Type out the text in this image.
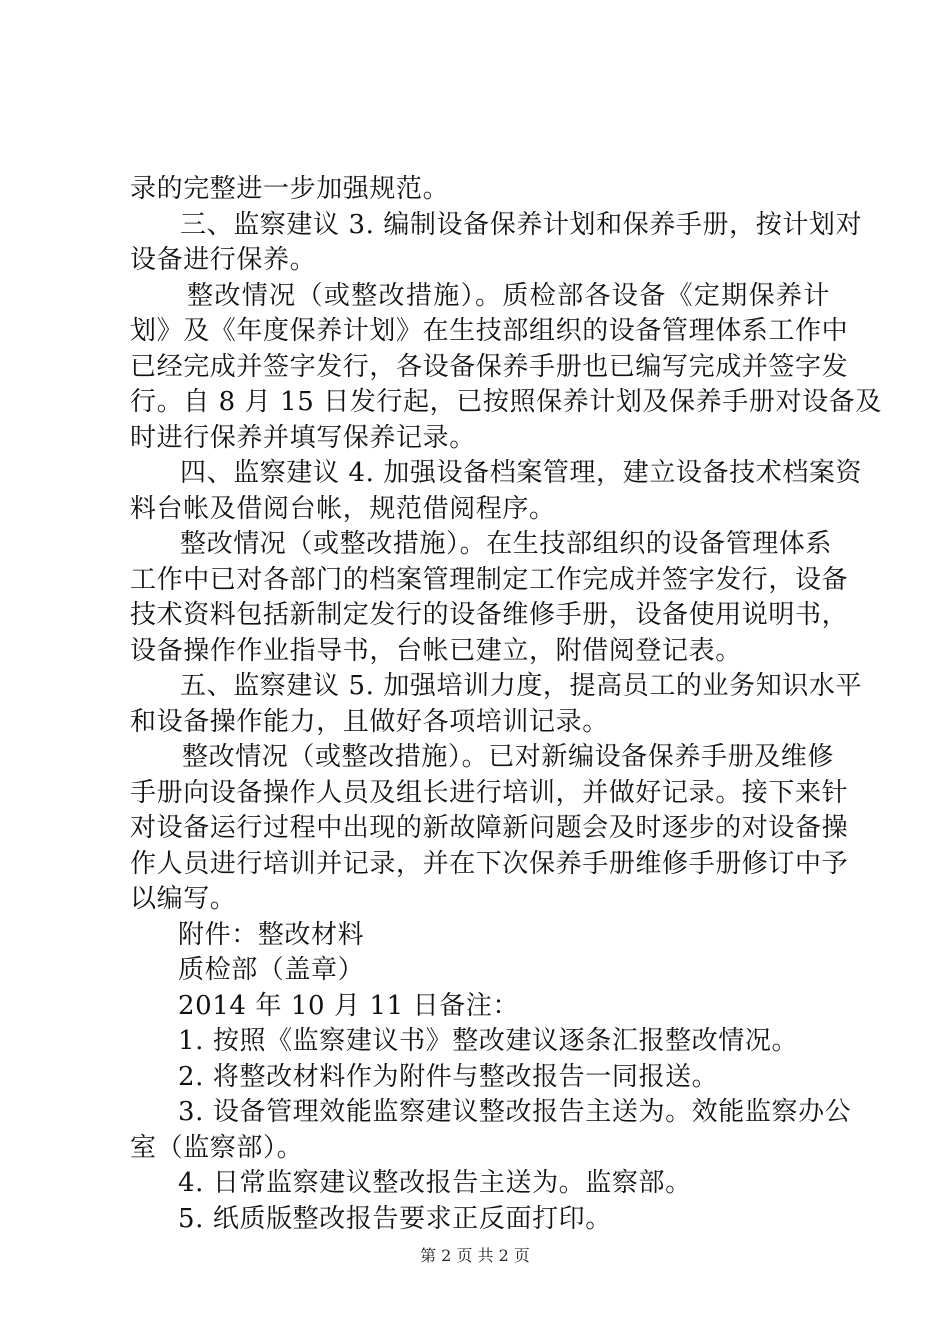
录的完整进一步加强规范。
三、监察建议 3. 编制设备保养计划和保养手册，按计划对
设备进行保养。
整改情况（或整改措施）。质检部各设备《定期保养计
划》及《年度保养计划》在生技部组织的设备管理体系工作中
已经完成并签字发行，各设备保养手册也已编写完成并签字发
行。自 8 月 15 日发行起，已按照保养计划及保养手册对设备及
时进行保养并填写保养记录。
四、监察建议 4. 加强设备档案管理，建立设备技术档案资
料台帐及借阅台帐，规范借阅程序。
整改情况（或整改措施）。在生技部组织的设备管理体系
工作中已对各部门的档案管理制定工作完成并签字发行，设备
技术资料包括新制定发行的设备维修手册，设备使用说明书，
设备操作作业指导书，台帐已建立，附借阅登记表。
五、监察建议 5. 加强培训力度，提高员工的业务知识水平
和设备操作能力，且做好各项培训记录。
整改情况（或整改措施）。已对新编设备保养手册及维修
手册向设备操作人员及组长进行培训，并做好记录。接下来针
对设备运行过程中出现的新故障新问题会及时逐步的对设备操
作人员进行培训并记录，并在下次保养手册维修手册修订中予
以编写。
附件：整改材料
质检部（盖章）
2014 年 10 月 11 日备注：
1. 按照《监察建议书》整改建议逐条汇报整改情况。
2. 将整改材料作为附件与整改报告一同报送。
3. 设备管理效能监察建议整改报告主送为。效能监察办公
室（监察部）。
4. 日常监察建议整改报告主送为。监察部。
5. 纸质版整改报告要求正反面打印。
第 2 页 共 2 页
